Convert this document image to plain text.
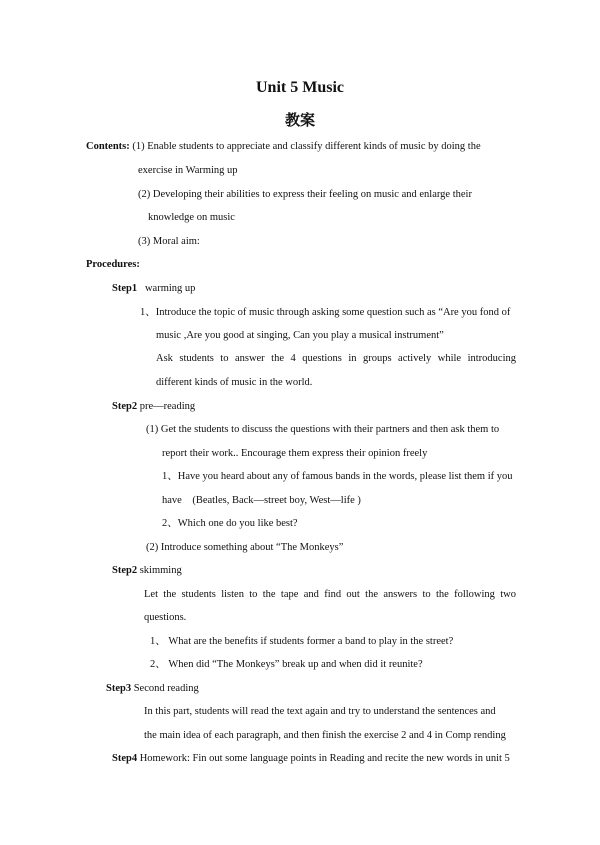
Unit 5 Music
教案
Contents: (1) Enable students to appreciate and classify different kinds of music by doing the
exercise in Warming up
(2) Developing their abilities to express their feeling on music and enlarge their
knowledge on music
(3) Moral aim:
Procedures:
Step1 warming up
1、Introduce the topic of music through asking some question such as “Are you fond of
music ,Are you good at singing, Can you play a musical instrument”
Ask students to answer the 4 questions in groups actively while introducing
different kinds of music in the world.
Step2 pre—reading
(1) Get the students to discuss the questions with their partners and then ask them to
report their work.. Encourage them express their opinion freely
1、Have you heard about any of famous bands in the words, please list them if you
have    (Beatles, Back—street boy, West—life )
2、Which one do you like best?
(2) Introduce something about “The Monkeys”
Step2 skimming
Let the students listen to the tape and find out the answers to the following two
questions.
1、 What are the benefits if students former a band to play in the street?
2、 When did “The Monkeys” break up and when did it reunite?
Step3 Second reading
In this part, students will read the text again and try to understand the sentences and
the main idea of each paragraph, and then finish the exercise 2 and 4 in Comp rending
Step4 Homework: Fin out some language points in Reading and recite the new words in unit 5
